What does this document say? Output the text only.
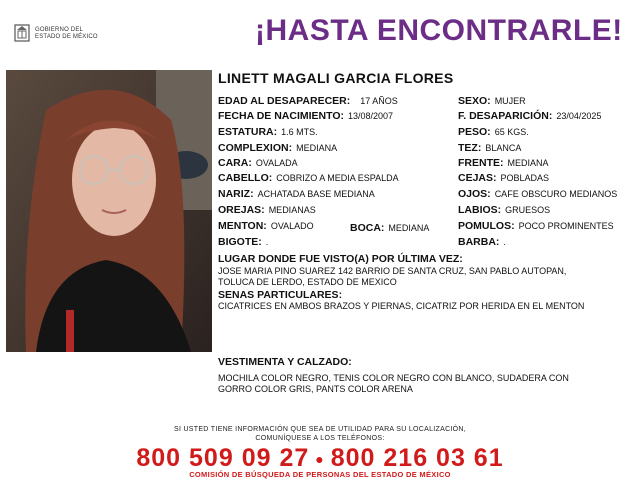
GOBIERNO DEL
ESTADO DE MÉXICO	¡HASTA ENCONTRARLE!
LINETT MAGALI GARCIA FLORES
EDAD AL DESAPARECER: 17 AÑOS	SEXO: MUJER
FECHA DE NACIMIENTO: 13/08/2007	F. DESAPARICIÓN: 23/04/2025
ESTATURA: 1.6 MTS.	PESO: 65 KGS.
COMPLEXION: MEDIANA	TEZ: BLANCA
CARA: OVALADA	FRENTE: MEDIANA
CABELLO: COBRIZO A MEDIA ESPALDA	CEJAS: POBLADAS
NARIZ: ACHATADA BASE MEDIANA	OJOS: CAFE OBSCURO MEDIANOS
OREJAS: MEDIANAS	LABIOS: GRUESOS
MENTON: OVALADO	BOCA: MEDIANA	POMULOS: POCO PROMINENTES
BIGOTE: .	BARBA: .
LUGAR DONDE FUE VISTO(A) POR ÚLTIMA VEZ:
JOSE MARIA PINO SUAREZ 142 BARRIO DE SANTA CRUZ, SAN PABLO AUTOPAN,
TOLUCA DE LERDO, ESTADO DE MEXICO
SENAS PARTICULARES:
CICATRICES EN AMBOS BRAZOS Y PIERNAS, CICATRIZ POR HERIDA EN EL MENTON
VESTIMENTA Y CALZADO:
MOCHILA COLOR NEGRO, TENIS COLOR NEGRO CON BLANCO, SUDADERA CON
GORRO COLOR GRIS, PANTS COLOR ARENA
SI USTED TIENE INFORMACIÓN QUE SEA DE UTILIDAD PARA SU LOCALIZACIÓN,
COMUNÍQUESE A LOS TELÉFONOS:
800 509 09 27 ● 800 216 03 61
COMISIÓN DE BÚSQUEDA DE PERSONAS DEL ESTADO DE MÉXICO
